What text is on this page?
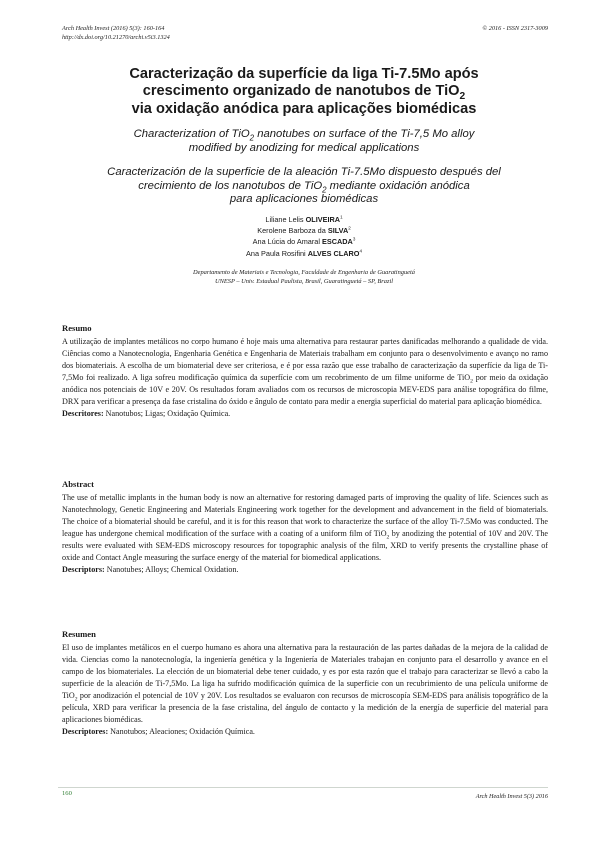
Arch Health Invest (2016) 5(3): 160-164
http://dx.doi.org/10.21270/archi.v5i3.1324
© 2016 - ISSN 2317-3009
Caracterização da superfície da liga Ti-7.5Mo após
crescimento organizado de nanotubos de TiO$_2$
via oxidação anódica para aplicações biomédicas
Characterization of TiO$_2$ nanotubes on surface of the Ti-7,5 Mo alloy
modified by anodizing for medical applications
Caracterización de la superficie de la aleación Ti-7.5Mo dispuesto después del
crecimiento de los nanotubos de TiO$_2$ mediante oxidación anódica
para aplicaciones biomédicas
Liliane Lelis OLIVEIRA$^1$
Kerolene Barboza da SILVA$^2$
Ana Lúcia do Amaral ESCADA$^3$
Ana Paula Rosifini ALVES CLARO$^4$
Departamento de Materiais e Tecnologia, Faculdade de Engenharia de Guaratinguetá
UNESP – Univ. Estadual Paulista, Brasil, Guaratinguetá – SP, Brazil
Resumo

A utilização de implantes metálicos no corpo humano é hoje mais uma alternativa para restaurar partes danificadas melhorando a qualidade de vida. Ciências como a Nanotecnologia, Engenharia Genética e Engenharia de Materiais trabalham em conjunto para o desenvolvimento e avanço no ramo dos biomateriais. A escolha de um biomaterial deve ser criteriosa, e é por essa razão que esse trabalho de caracterização da superfície da liga de Ti-7,5Mo foi realizado. A liga sofreu modificação química da superfície com um recobrimento de um filme uniforme de TiO$_2$ por meio da oxidação anódica nos potenciais de 10V e 20V. Os resultados foram avaliados com os recursos de microscopia MEV-EDS para análise topográfica do filme, DRX para verificar a presença da fase cristalina do óxido e ângulo de contato para medir a energia superficial do material para aplicação biomédica.

Descritores: Nanotubos; Ligas; Oxidação Química.

Abstract

The use of metallic implants in the human body is now an alternative for restoring damaged parts of improving the quality of life. Sciences such as Nanotechnology, Genetic Engineering and Materials Engineering work together for the development and advancement in the field of biomaterials. The choice of a biomaterial should be careful, and it is for this reason that work to characterize the surface of the alloy Ti-7.5Mo was conducted. The league has undergone chemical modification of the surface with a coating of a uniform film of TiO$_2$ by anodizing the potential of 10V and 20V. The results were evaluated with SEM-EDS microscopy resources for topographic analysis of the film, XRD to verify presents the crystalline phase of oxide and Contact Angle measuring the surface energy of the material for biomedical applications.

Descriptors: Nanotubes; Alloys; Chemical Oxidation.

Resumen

El uso de implantes metálicos en el cuerpo humano es ahora una alternativa para la restauración de las partes dañadas de la mejora de la calidad de vida. Ciencias como la nanotecnología, la ingeniería genética y la Ingeniería de Materiales trabajan en conjunto para el desarrollo y avance en el campo de los biomateriales. La elección de un biomaterial debe tener cuidado, y es por esta razón que el trabajo para caracterizar se llevó a cabo la superficie de la aleación de Ti-7,5Mo. La liga ha sufrido modificación química de la superficie con un recubrimiento de una película uniforme de TiO$_2$ por anodización el potencial de 10V y 20V. Los resultados se evaluaron con recursos de microscopía SEM-EDS para análisis topográfico de la película, XRD para verificar la presencia de la fase cristalina, del ángulo de contacto y la medición de la energía de superficie del material para aplicaciones biomédicas.

Descriptores: Nanotubos; Aleaciones; Oxidación Química.

160	Arch Health Invest 5(3) 2016
